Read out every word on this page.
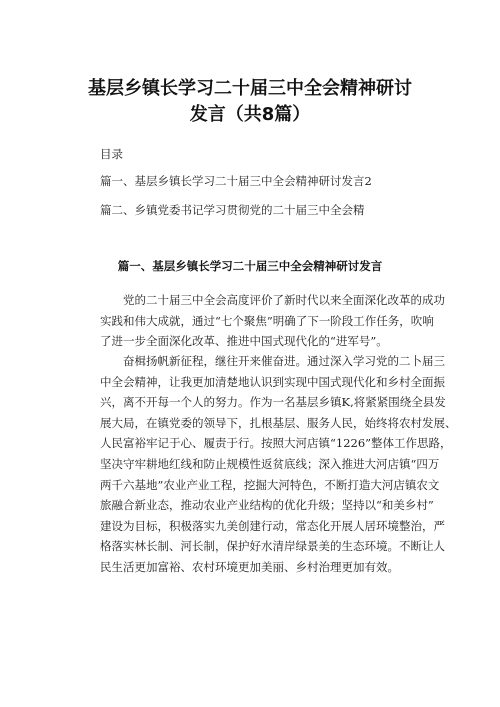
基层乡镇长学习二十届三中全会精神研讨
发言（共8篇）

目录

篇一、基层乡镇长学习二十届三中全会精神研讨发言2

篇二、乡镇党委书记学习贯彻党的二十届三中全会精

篇一、基层乡镇长学习二十届三中全会精神研讨发言
党的二十届三中全会高度评价了新时代以来全面深化改革的成功
实践和伟大成就，通过“七个聚焦”明确了下一阶段工作任务，吹响
了进一步全面深化改革、推进中国式现代化的“进军号”。
奋楫扬帆新征程，继往开来催奋进。通过深入学习党的二卜届三
中全会精神，让我更加清楚地认识到实现中国式现代化和乡村全面振
兴，离不开每一个人的努力。作为一名基层乡镇K,将紧紧围绕全县发
展大局，在镇党委的领导下，扎根基层、服务人民，始终将农村发展、
人民富裕牢记于心、履责于行。按照大河店镇“1226”整体工作思路，
坚决守牢耕地红线和防止规模性返贫底线；深入推进大河店镇“四万
两千六基地”农业产业工程，挖掘大河特色，不断打造大河店镇农文
旅融合新业态，推动农业产业结构的优化升级；坚持以“和美乡村”
建设为目标，积极落实九美创建行动，常态化开展人居环境整治，严
格落实林长制、河长制，保护好水清岸绿景美的生态环境。不断让人
民生活更加富裕、农村环境更加美丽、乡村治理更加有效。
